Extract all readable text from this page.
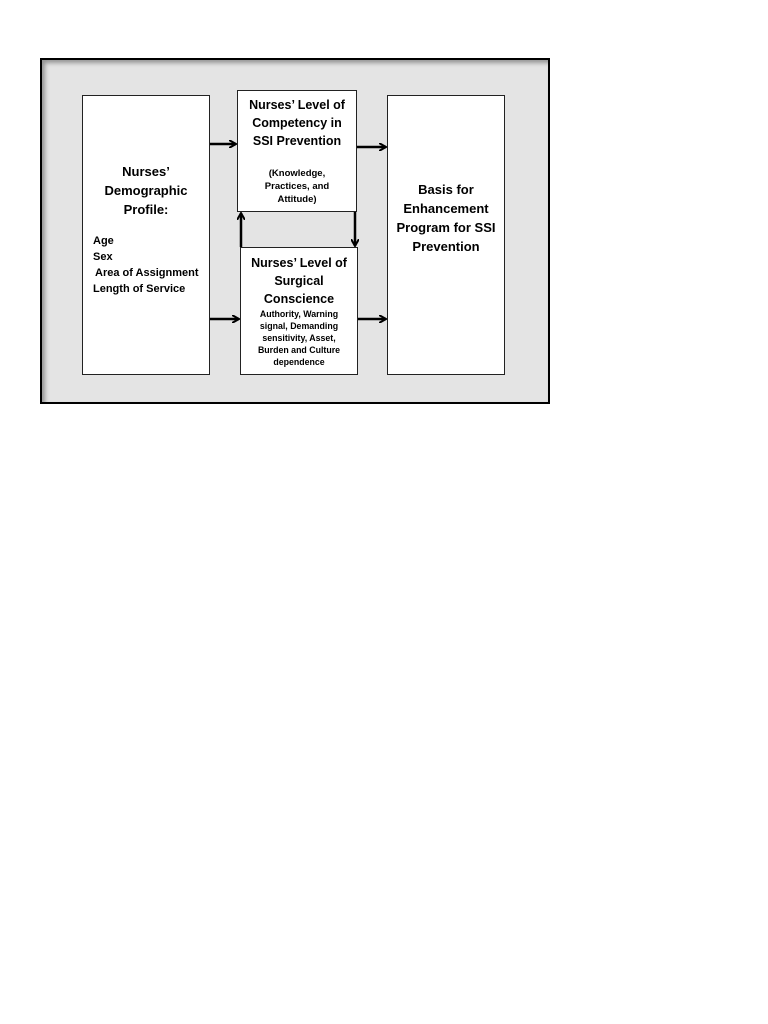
Nurses’ Demographic Profile:
Age
Sex
Area of Assignment
Length of Service
Nurses’ Level of Competency in SSI Prevention
(Knowledge, Practices, and Attitude)
Nurses’ Level of Surgical Conscience
Authority, Warning signal, Demanding sensitivity, Asset, Burden and Culture dependence
Basis for Enhancement Program for SSI Prevention
